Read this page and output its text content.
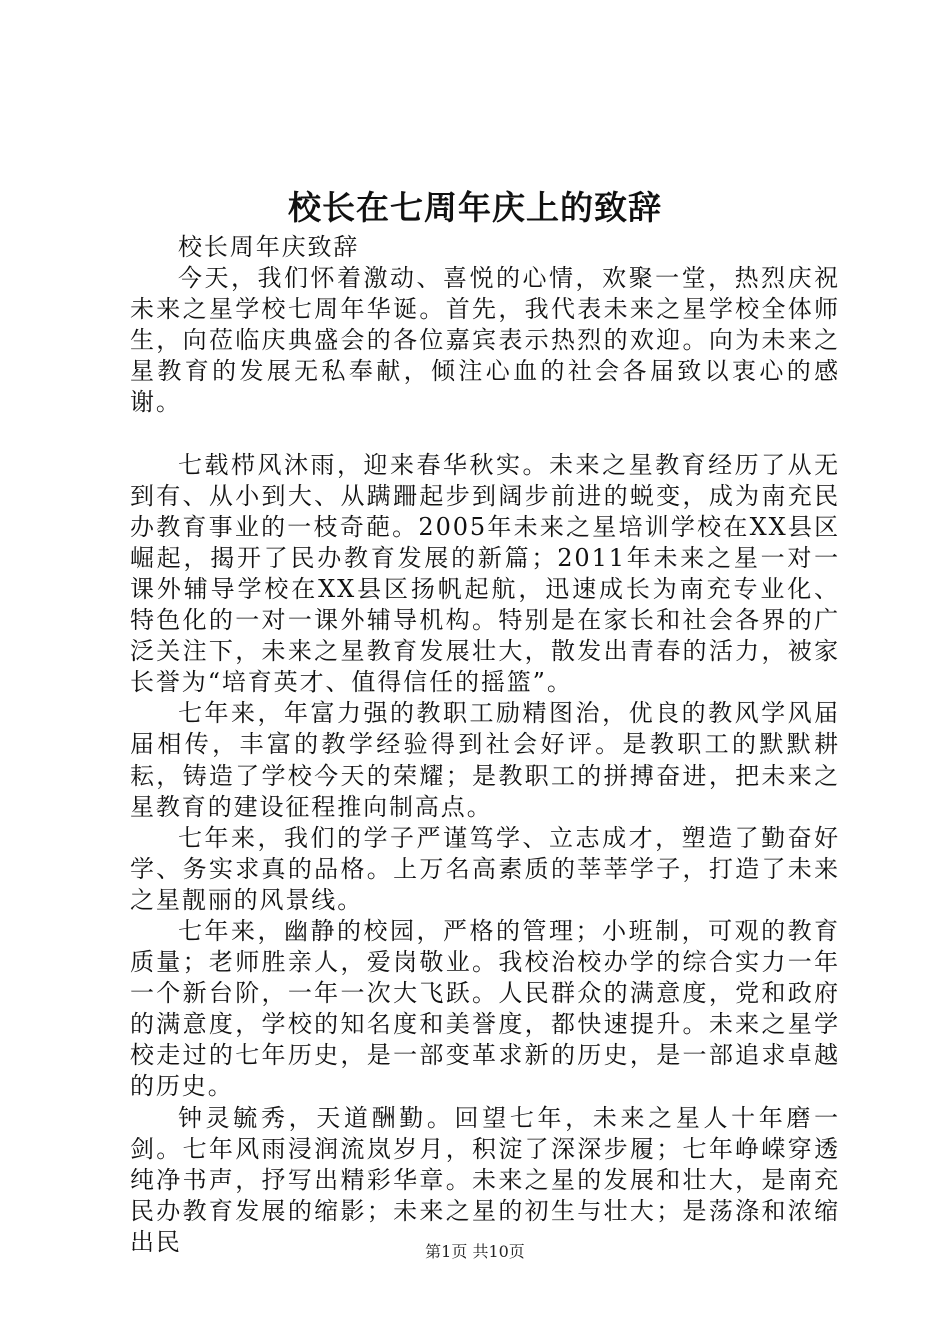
校长在七周年庆上的致辞

校长周年庆致辞

今天，我们怀着激动、喜悦的心情，欢聚一堂，热烈庆祝未来之星学校七周年华诞。首先，我代表未来之星学校全体师生，向莅临庆典盛会的各位嘉宾表示热烈的欢迎。向为未来之星教育的发展无私奉献，倾注心血的社会各届致以衷心的感谢。

七载栉风沐雨，迎来春华秋实。未来之星教育经历了从无到有、从小到大、从蹒跚起步到阔步前进的蜕变，成为南充民办教育事业的一枝奇葩。2005年未来之星培训学校在XX县区崛起，揭开了民办教育发展的新篇；2011年未来之星一对一课外辅导学校在XX县区扬帆起航，迅速成长为南充专业化、特色化的一对一课外辅导机构。特别是在家长和社会各界的广泛关注下，未来之星教育发展壮大，散发出青春的活力，被家长誉为“培育英才、值得信任的摇篮”。

七年来，年富力强的教职工励精图治，优良的教风学风届届相传，丰富的教学经验得到社会好评。是教职工的默默耕耘，铸造了学校今天的荣耀；是教职工的拼搏奋进，把未来之星教育的建设征程推向制高点。

七年来，我们的学子严谨笃学、立志成才，塑造了勤奋好学、务实求真的品格。上万名高素质的莘莘学子，打造了未来之星靓丽的风景线。

七年来，幽静的校园，严格的管理；小班制，可观的教育质量；老师胜亲人，爱岗敬业。我校治校办学的综合实力一年一个新台阶，一年一次大飞跃。人民群众的满意度，党和政府的满意度，学校的知名度和美誉度，都快速提升。未来之星学校走过的七年历史，是一部变革求新的历史，是一部追求卓越的历史。

钟灵毓秀，天道酬勤。回望七年，未来之星人十年磨一剑。七年风雨浸润流岚岁月，积淀了深深步履；七年峥嵘穿透纯净书声，抒写出精彩华章。未来之星的发展和壮大，是南充民办教育发展的缩影；未来之星的初生与壮大；是荡涤和浓缩出民	第1页 共10页
